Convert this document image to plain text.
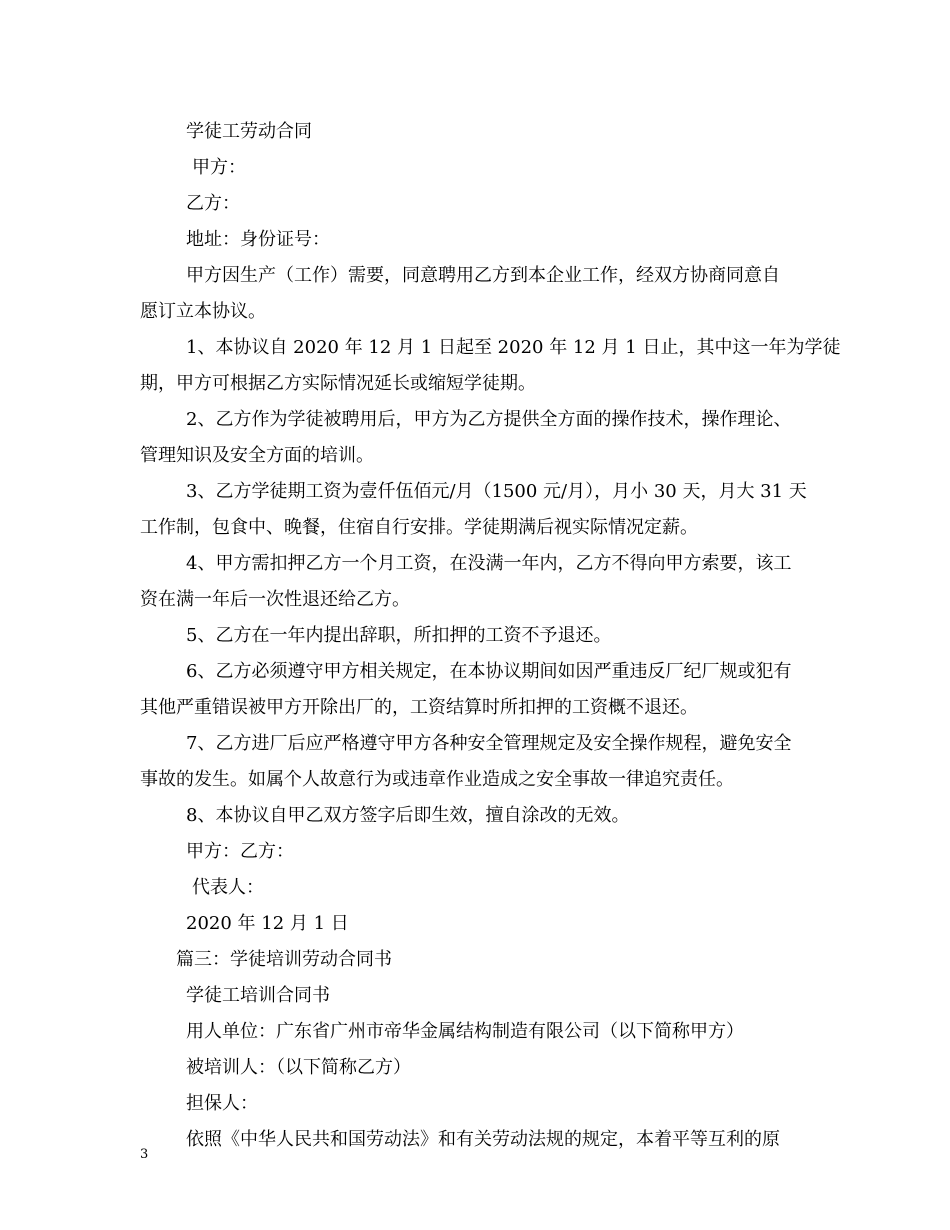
学徒工劳动合同
甲方：
乙方：
地址：身份证号：
甲方因生产（工作）需要，同意聘用乙方到本企业工作，经双方协商同意自
愿订立本协议。
1、本协议自 2020 年 12 月 1 日起至 2020 年 12 月 1 日止，其中这一年为学徒
期，甲方可根据乙方实际情况延长或缩短学徒期。
2、乙方作为学徒被聘用后，甲方为乙方提供全方面的操作技术，操作理论、
管理知识及安全方面的培训。
3、乙方学徒期工资为壹仟伍佰元/月（1500 元/月），月小 30 天，月大 31 天
工作制，包食中、晚餐，住宿自行安排。学徒期满后视实际情况定薪。
4、甲方需扣押乙方一个月工资，在没满一年内，乙方不得向甲方索要，该工
资在满一年后一次性退还给乙方。
5、乙方在一年内提出辞职，所扣押的工资不予退还。
6、乙方必须遵守甲方相关规定，在本协议期间如因严重违反厂纪厂规或犯有
其他严重错误被甲方开除出厂的，工资结算时所扣押的工资概不退还。
7、乙方进厂后应严格遵守甲方各种安全管理规定及安全操作规程，避免安全
事故的发生。如属个人故意行为或违章作业造成之安全事故一律追究责任。
8、本协议自甲乙双方签字后即生效，擅自涂改的无效。
甲方：乙方：
代表人：
2020 年 12 月 1 日
篇三：学徒培训劳动合同书
学徒工培训合同书
用人单位：广东省广州市帝华金属结构制造有限公司（以下简称甲方）
被培训人：（以下简称乙方）
担保人：
依照《中华人民共和国劳动法》和有关劳动法规的规定，本着平等互利的原
3
